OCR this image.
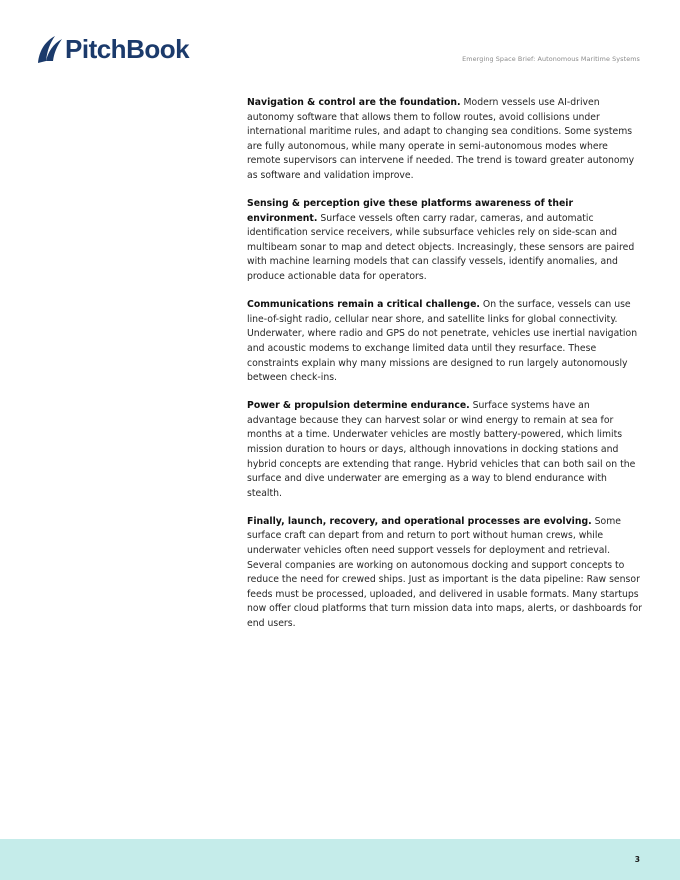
PitchBook	Emerging Space Brief: Autonomous Maritime Systems

Navigation & control are the foundation. Modern vessels use AI-driven autonomy software that allows them to follow routes, avoid collisions under international maritime rules, and adapt to changing sea conditions. Some systems are fully autonomous, while many operate in semi-autonomous modes where remote supervisors can intervene if needed. The trend is toward greater autonomy as software and validation improve.

Sensing & perception give these platforms awareness of their environment. Surface vessels often carry radar, cameras, and automatic identification service receivers, while subsurface vehicles rely on side-scan and multibeam sonar to map and detect objects. Increasingly, these sensors are paired with machine learning models that can classify vessels, identify anomalies, and produce actionable data for operators.

Communications remain a critical challenge. On the surface, vessels can use line-of-sight radio, cellular near shore, and satellite links for global connectivity. Underwater, where radio and GPS do not penetrate, vehicles use inertial navigation and acoustic modems to exchange limited data until they resurface. These constraints explain why many missions are designed to run largely autonomously between check-ins.

Power & propulsion determine endurance. Surface systems have an advantage because they can harvest solar or wind energy to remain at sea for months at a time. Underwater vehicles are mostly battery-powered, which limits mission duration to hours or days, although innovations in docking stations and hybrid concepts are extending that range. Hybrid vehicles that can both sail on the surface and dive underwater are emerging as a way to blend endurance with stealth.

Finally, launch, recovery, and operational processes are evolving. Some surface craft can depart from and return to port without human crews, while underwater vehicles often need support vessels for deployment and retrieval. Several companies are working on autonomous docking and support concepts to reduce the need for crewed ships. Just as important is the data pipeline: Raw sensor feeds must be processed, uploaded, and delivered in usable formats. Many startups now offer cloud platforms that turn mission data into maps, alerts, or dashboards for end users.

3
